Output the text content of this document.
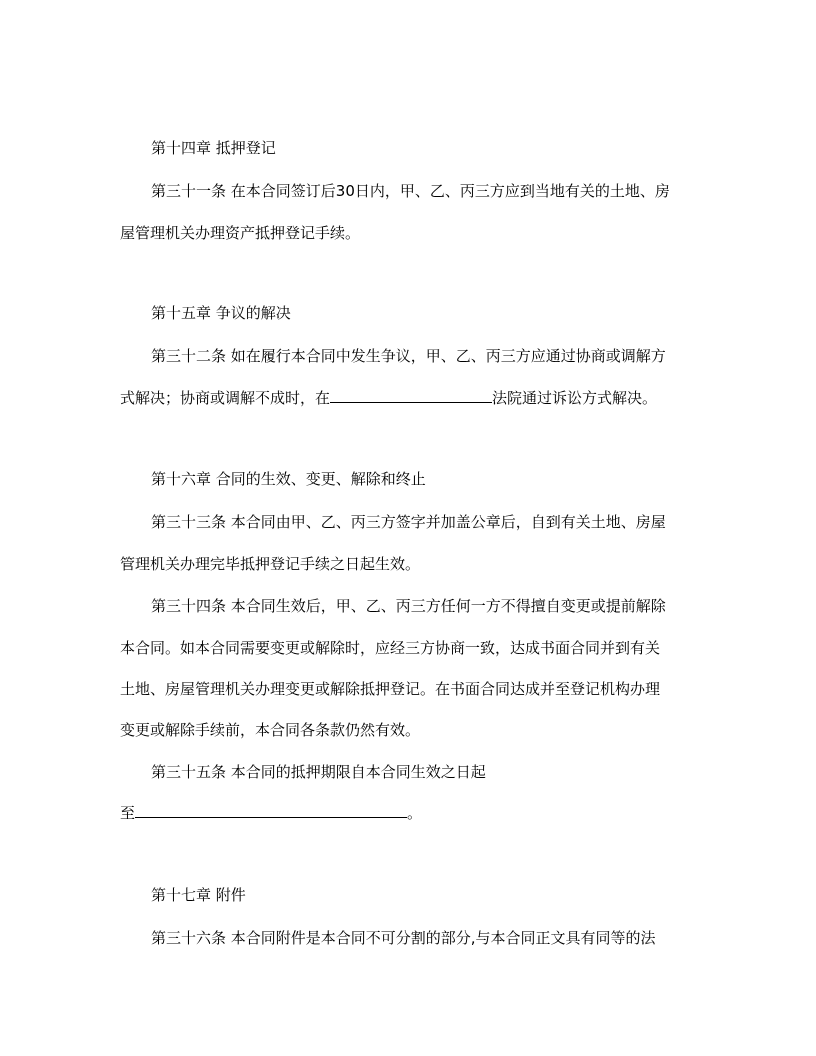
第十四章 抵押登记
第三十一条 在本合同签订后30日内，甲、乙、丙三方应到当地有关的土地、房
屋管理机关办理资产抵押登记手续。
第十五章 争议的解决
第三十二条 如在履行本合同中发生争议，甲、乙、丙三方应通过协商或调解方
式解决；协商或调解不成时，在	法院通过诉讼方式解决。
第十六章 合同的生效、变更、解除和终止
第三十三条 本合同由甲、乙、丙三方签字并加盖公章后，自到有关土地、房屋
管理机关办理完毕抵押登记手续之日起生效。
第三十四条 本合同生效后，甲、乙、丙三方任何一方不得擅自变更或提前解除
本合同。如本合同需要变更或解除时，应经三方协商一致，达成书面合同并到有关
土地、房屋管理机关办理变更或解除抵押登记。在书面合同达成并至登记机构办理
变更或解除手续前，本合同各条款仍然有效。
第三十五条 本合同的抵押期限自本合同生效之日起
至	。
第十七章 附件
第三十六条 本合同附件是本合同不可分割的部分,与本合同正文具有同等的法
